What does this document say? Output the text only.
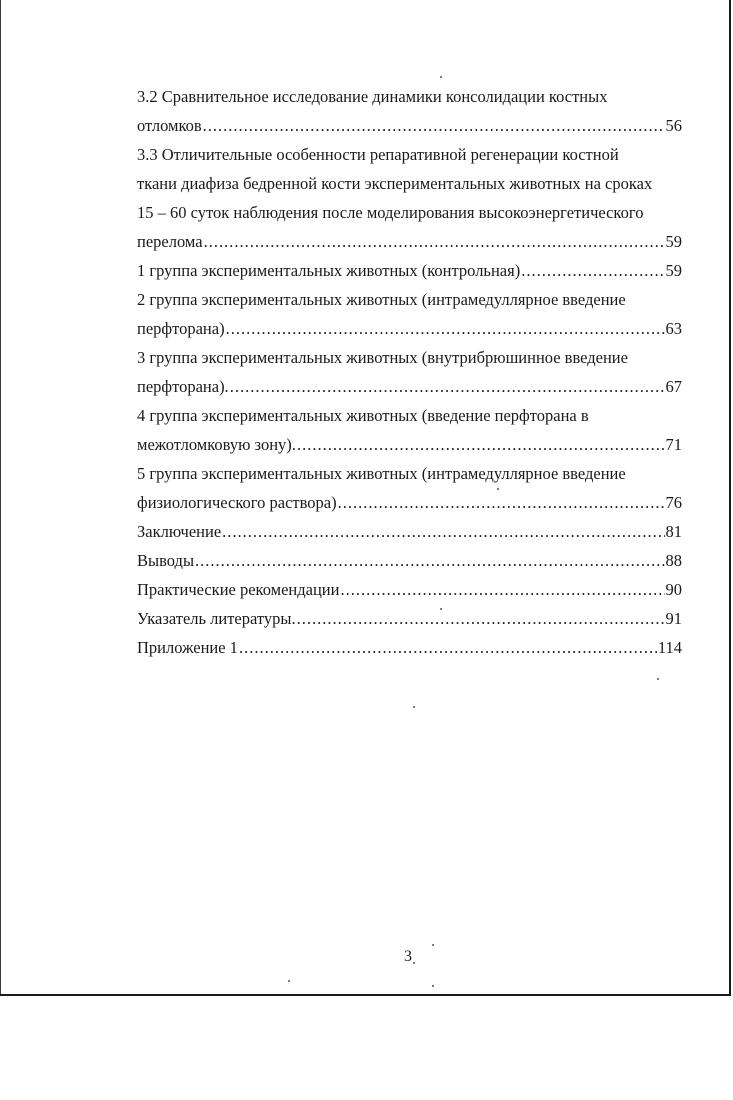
3.2 Сравнительное исследование динамики консолидации костных
отломков .....	56
3.3 Отличительные особенности репаративной регенерации костной
ткани диафиза бедренной кости экспериментальных животных на сроках
15 – 60 суток наблюдения после моделирования высокоэнергетического
перелома .....	59
1 группа экспериментальных животных (контрольная) .....	59
2 группа экспериментальных животных (интрамедуллярное введение
перфторана) .....	63
3 группа экспериментальных животных (внутрибрюшинное введение
перфторана). .....	67
4 группа экспериментальных животных (введение перфторана в
межотломковую зону). .....	71
5 группа экспериментальных животных (интрамедуллярное введение
физиологического раствора) .....	76
Заключение .....	81
Выводы .....	88
Практические рекомендации .....	90
Указатель литературы. .....	91
Приложение 1 .....	114
3
